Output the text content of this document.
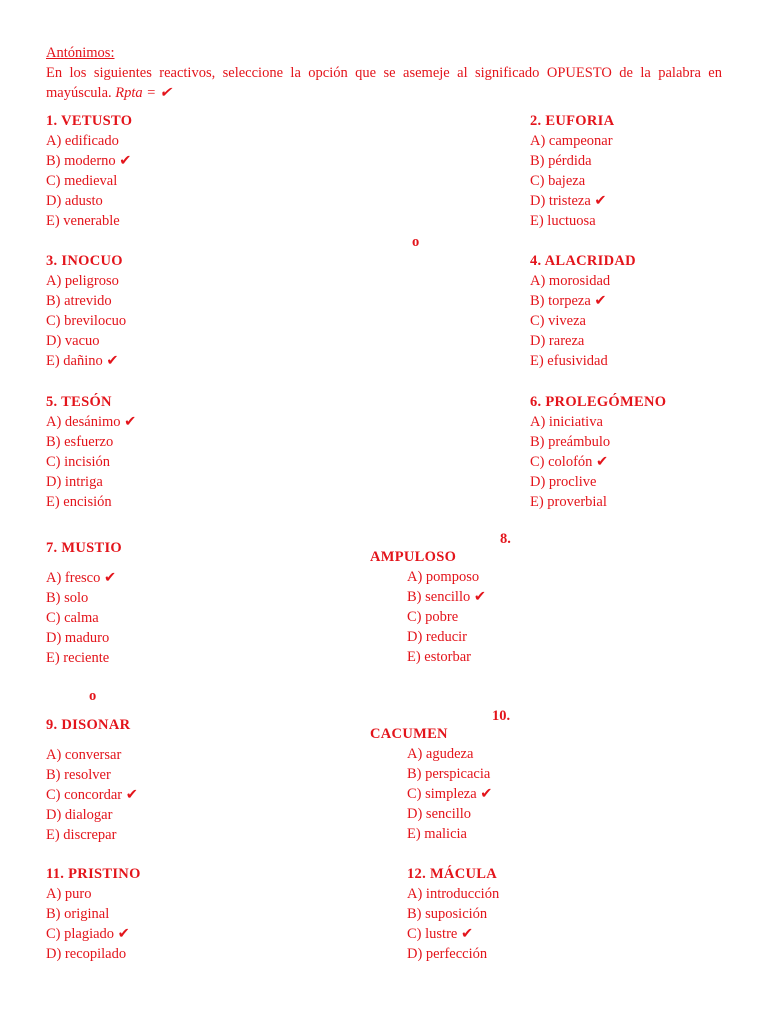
Antónimos:
En los siguientes reactivos, seleccione la opción que se asemeje al significado OPUESTO de la palabra en mayúscula. Rpta = ✔
1. VETUSTO
A) edificado
B) moderno ✔
C) medieval
D) adusto
E) venerable
2. EUFORIA
A) campeonar
B) pérdida
C) bajeza
D) tristeza ✔
E) luctuosa
o
3. INOCUO
A) peligroso
B) atrevido
C) brevilocuo
D) vacuo
E) dañino ✔
4. ALACRIDAD
A) morosidad
B) torpeza ✔
C) viveza
D) rareza
E) efusividad
5. TESÓN
A) desánimo ✔
B) esfuerzo
C) incisión
D) intriga
E) encisión
6. PROLEGÓMENO
A) iniciativa
B) preámbulo
C) colofón ✔
D) proclive
E) proverbial
7. MUSTIO
A) fresco ✔
B) solo
C) calma
D) maduro
E) reciente
8.
AMPULOSO
A) pomposo
B) sencillo ✔
C) pobre
D) reducir
E) estorbar
o
9. DISONAR
A) conversar
B) resolver
C) concordar ✔
D) dialogar
E) discrepar
10.
CACUMEN
A) agudeza
B) perspicacia
C) simpleza ✔
D) sencillo
E) malicia
11. PRISTINO
A) puro
B) original
C) plagiado ✔
D) recopilado
12. MÁCULA
A) introducción
B) suposición
C) lustre ✔
D) perfección
